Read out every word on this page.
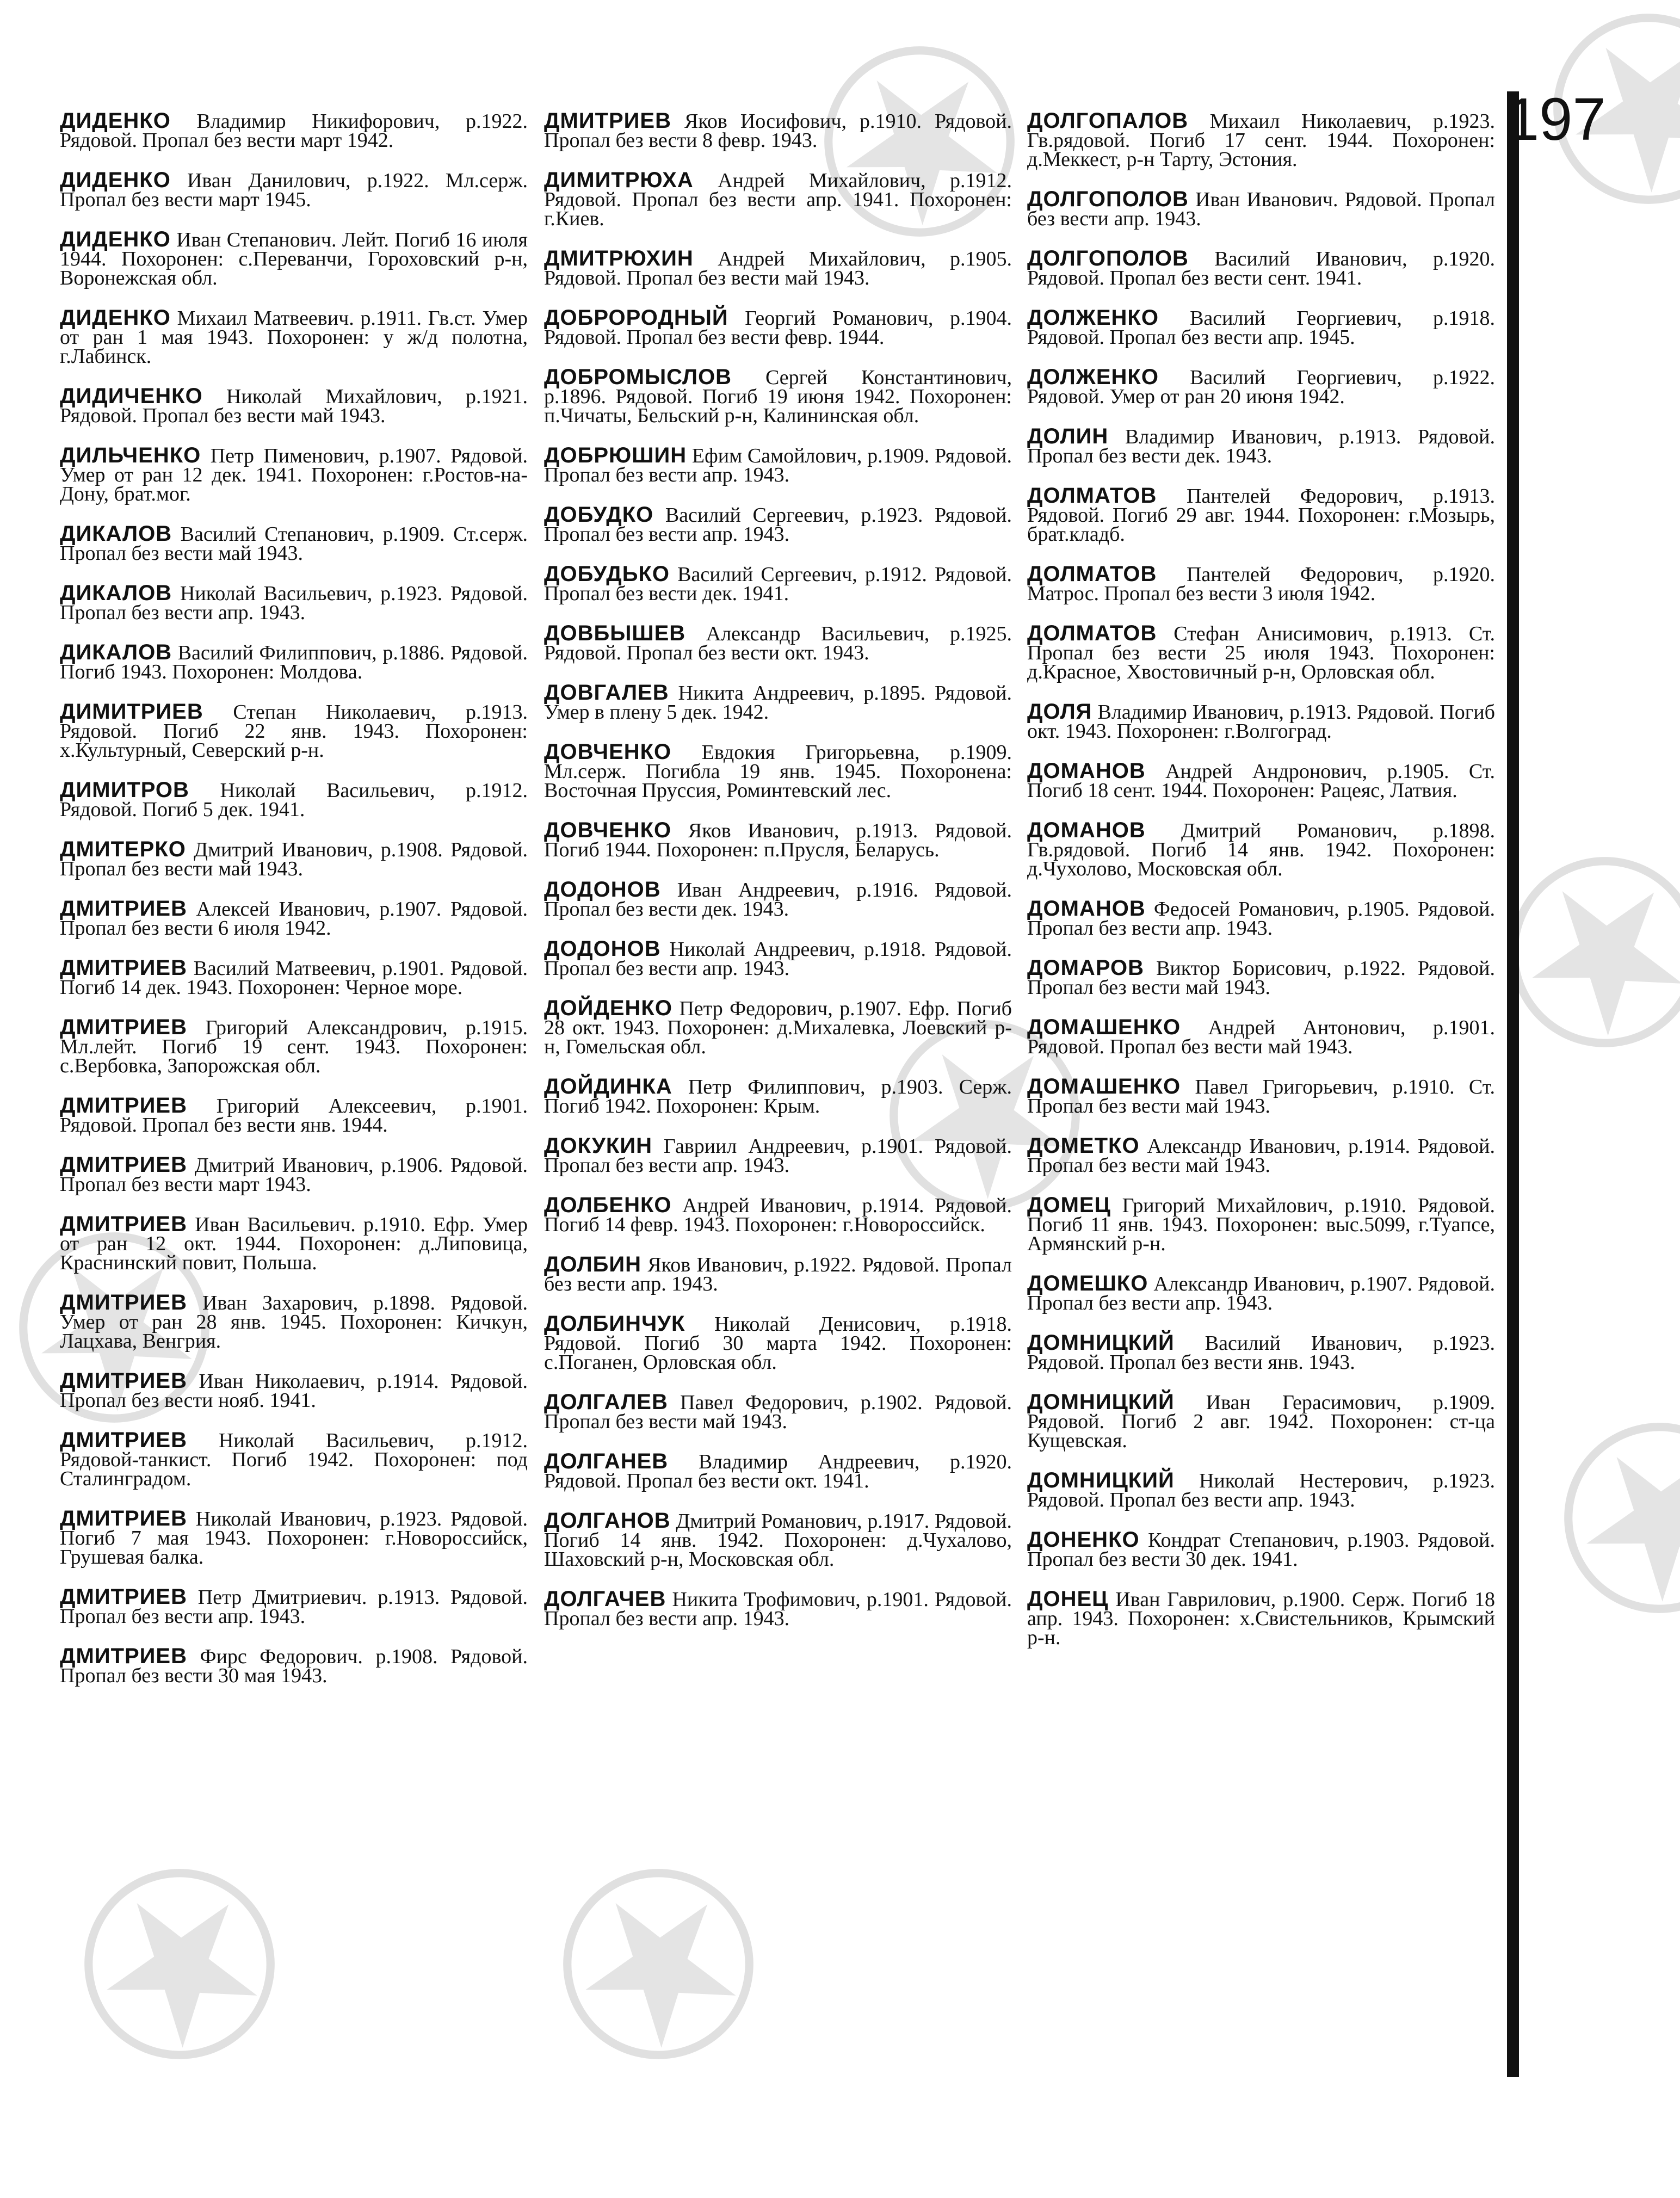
ДИДЕНКО Владимир Никифорович, р.1922. Рядовой. Пропал без вести март 1942.

ДИДЕНКО Иван Данилович, р.1922. Мл.серж. Пропал без вести март 1945.

ДИДЕНКО Иван Степанович. Лейт. Погиб 16 июля 1944. Похоронен: с.Переванчи, Гороховский р-н, Воронежская обл.

ДИДЕНКО Михаил Матвеевич. р.1911. Гв.ст. Умер от ран 1 мая 1943. Похоронен: у ж/д полотна, г.Лабинск.

ДИДИЧЕНКО Николай Михайлович, р.1921. Рядовой. Пропал без вести май 1943.

ДИЛЬЧЕНКО Петр Пименович, р.1907. Рядовой. Умер от ран 12 дек. 1941. Похоронен: г.Ростов-на-Дону, брат.мог.

ДИКАЛОВ Василий Степанович, р.1909. Ст.серж. Пропал без вести май 1943.

ДИКАЛОВ Николай Васильевич, р.1923. Рядовой. Пропал без вести апр. 1943.

ДИКАЛОВ Василий Филиппович, р.1886. Рядовой. Погиб 1943. Похоронен: Молдова.

ДИМИТРИЕВ Степан Николаевич, р.1913. Рядовой. Погиб 22 янв. 1943. Похоронен: х.Культурный, Северский р-н.

ДИМИТРОВ Николай Васильевич, р.1912. Рядовой. Погиб 5 дек. 1941.

ДМИТЕРКО Дмитрий Иванович, р.1908. Рядовой. Пропал без вести май 1943.

ДМИТРИЕВ Алексей Иванович, р.1907. Рядовой. Пропал без вести 6 июля 1942.

ДМИТРИЕВ Василий Матвеевич, р.1901. Рядовой. Погиб 14 дек. 1943. Похоронен: Черное море.

ДМИТРИЕВ Григорий Александрович, р.1915. Мл.лейт. Погиб 19 сент. 1943. Похоронен: с.Вербовка, Запорожская обл.

ДМИТРИЕВ Григорий Алексеевич, р.1901. Рядовой. Пропал без вести янв. 1944.

ДМИТРИЕВ Дмитрий Иванович, р.1906. Рядовой. Пропал без вести март 1943.

ДМИТРИЕВ Иван Васильевич. р.1910. Ефр. Умер от ран 12 окт. 1944. Похоронен: д.Липовица, Краснинский повит, Польша.

ДМИТРИЕВ Иван Захарович, р.1898. Рядовой. Умер от ран 28 янв. 1945. Похоронен: Кичкун, Лацхава, Венгрия.

ДМИТРИЕВ Иван Николаевич, р.1914. Рядовой. Пропал без вести нояб. 1941.

ДМИТРИЕВ Николай Васильевич, р.1912. Рядовой-танкист. Погиб 1942. Похоронен: под Сталинградом.

ДМИТРИЕВ Николай Иванович, р.1923. Рядовой. Погиб 7 мая 1943. Похоронен: г.Новороссийск, Грушевая балка.

ДМИТРИЕВ Петр Дмитриевич. р.1913. Рядовой. Пропал без вести апр. 1943.

ДМИТРИЕВ Фирс Федорович. р.1908. Рядовой. Пропал без вести 30 мая 1943.

ДМИТРИЕВ Яков Иосифович, р.1910. Рядовой. Пропал без вести 8 февр. 1943.

ДИМИТРЮХА Андрей Михайлович, р.1912. Рядовой. Пропал без вести апр. 1941. Похоронен: г.Киев.

ДМИТРЮХИН Андрей Михайлович, р.1905. Рядовой. Пропал без вести май 1943.

ДОБРОРОДНЫЙ Георгий Романович, р.1904. Рядовой. Пропал без вести февр. 1944.

ДОБРОМЫСЛОВ Сергей Константинович, р.1896. Рядовой. Погиб 19 июня 1942. Похоронен: п.Чичаты, Бельский р-н, Калининская обл.

ДОБРЮШИН Ефим Самойлович, р.1909. Рядовой. Пропал без вести апр. 1943.

ДОБУДКО Василий Сергеевич, р.1923. Рядовой. Пропал без вести апр. 1943.

ДОБУДЬКО Василий Сергеевич, р.1912. Рядовой. Пропал без вести дек. 1941.

ДОВБЫШЕВ Александр Васильевич, р.1925. Рядовой. Пропал без вести окт. 1943.

ДОВГАЛЕВ Никита Андреевич, р.1895. Рядовой. Умер в плену 5 дек. 1942.

ДОВЧЕНКО Евдокия Григорьевна, р.1909. Мл.серж. Погибла 19 янв. 1945. Похоронена: Восточная Пруссия, Роминтевский лес.

ДОВЧЕНКО Яков Иванович, р.1913. Рядовой. Погиб 1944. Похоронен: п.Пруcля, Беларусь.

ДОДОНОВ Иван Андреевич, р.1916. Рядовой. Пропал без вести дек. 1943.

ДОДОНОВ Николай Андреевич, р.1918. Рядовой. Пропал без вести апр. 1943.

ДОЙДЕНКО Петр Федорович, р.1907. Ефр. Погиб 28 окт. 1943. Похоронен: д.Михалевка, Лоевский р-н, Гомельская обл.

ДОЙДИНКА Петр Филиппович, р.1903. Серж. Погиб 1942. Похоронен: Крым.

ДОКУКИН Гавриил Андреевич, р.1901. Рядовой. Пропал без вести апр. 1943.

ДОЛБЕНКО Андрей Иванович, р.1914. Рядовой. Погиб 14 февр. 1943. Похоронен: г.Новороссийск.

ДОЛБИН Яков Иванович, р.1922. Рядовой. Пропал без вести апр. 1943.

ДОЛБИНЧУК Николай Денисович, р.1918. Рядовой. Погиб 30 марта 1942. Похоронен: с.Поганен, Орловская обл.

ДОЛГАЛЕВ Павел Федорович, р.1902. Рядовой. Пропал без вести май 1943.

ДОЛГАНЕВ Владимир Андреевич, р.1920. Рядовой. Пропал без вести окт. 1941.

ДОЛГАНОВ Дмитрий Романович, р.1917. Рядовой. Погиб 14 янв. 1942. Похоронен: д.Чухалово, Шаховский р-н, Московская обл.

ДОЛГАЧЕВ Никита Трофимович, р.1901. Рядовой. Пропал без вести апр. 1943.

ДОЛГОПАЛОВ Михаил Николаевич, р.1923. Гв.рядовой. Погиб 17 сент. 1944. Похоронен: д.Меккест, р-н Тарту, Эстония.

ДОЛГОПОЛОВ Иван Иванович. Рядовой. Пропал без вести апр. 1943.

ДОЛГОПОЛОВ Василий Иванович, р.1920. Рядовой. Пропал без вести сент. 1941.

ДОЛЖЕНКО Василий Георгиевич, р.1918. Рядовой. Пропал без вести апр. 1945.

ДОЛЖЕНКО Василий Георгиевич, р.1922. Рядовой. Умер от ран 20 июня 1942.

ДОЛИН Владимир Иванович, р.1913. Рядовой. Пропал без вести дек. 1943.

ДОЛМАТОВ Пантелей Федорович, р.1913. Рядовой. Погиб 29 авг. 1944. Похоронен: г.Мозырь, брат.кладб.

ДОЛМАТОВ Пантелей Федорович, р.1920. Матрос. Пропал без вести 3 июля 1942.

ДОЛМАТОВ Стефан Анисимович, р.1913. Ст. Пропал без вести 25 июля 1943. Похоронен: д.Красное, Хвостовичный р-н, Орловская обл.

ДОЛЯ Владимир Иванович, р.1913. Рядовой. Погиб окт. 1943. Похоронен: г.Волгоград.

ДОМАНОВ Андрей Андронович, р.1905. Ст. Погиб 18 сент. 1944. Похоронен: Рацеяс, Латвия.

ДОМАНОВ Дмитрий Романович, р.1898. Гв.рядовой. Погиб 14 янв. 1942. Похоронен: д.Чухолово, Московская обл.

ДОМАНОВ Федосей Романович, р.1905. Рядовой. Пропал без вести апр. 1943.

ДОМАРОВ Виктор Борисович, р.1922. Рядовой. Пропал без вести май 1943.

ДОМАШЕНКО Андрей Антонович, р.1901. Рядовой. Пропал без вести май 1943.

ДОМАШЕНКО Павел Григорьевич, р.1910. Ст. Пропал без вести май 1943.

ДОМЕТКО Александр Иванович, р.1914. Рядовой. Пропал без вести май 1943.

ДОМЕЦ Григорий Михайлович, р.1910. Рядовой. Погиб 11 янв. 1943. Похоронен: выс.5099, г.Туапсе, Армянский р-н.

ДОМЕШКО Александр Иванович, р.1907. Рядовой. Пропал без вести апр. 1943.

ДОМНИЦКИЙ Василий Иванович, р.1923. Рядовой. Пропал без вести янв. 1943.

ДОМНИЦКИЙ Иван Герасимович, р.1909. Рядовой. Погиб 2 авг. 1942. Похоронен: ст-ца Кущевская.

ДОМНИЦКИЙ Николай Нестерович, р.1923. Рядовой. Пропал без вести апр. 1943.

ДОНЕНКО Кондрат Степанович, р.1903. Рядовой. Пропал без вести 30 дек. 1941.

ДОНЕЦ Иван Гаврилович, р.1900. Серж. Погиб 18 апр. 1943. Похоронен: х.Свистельников, Крымский р-н.

197
